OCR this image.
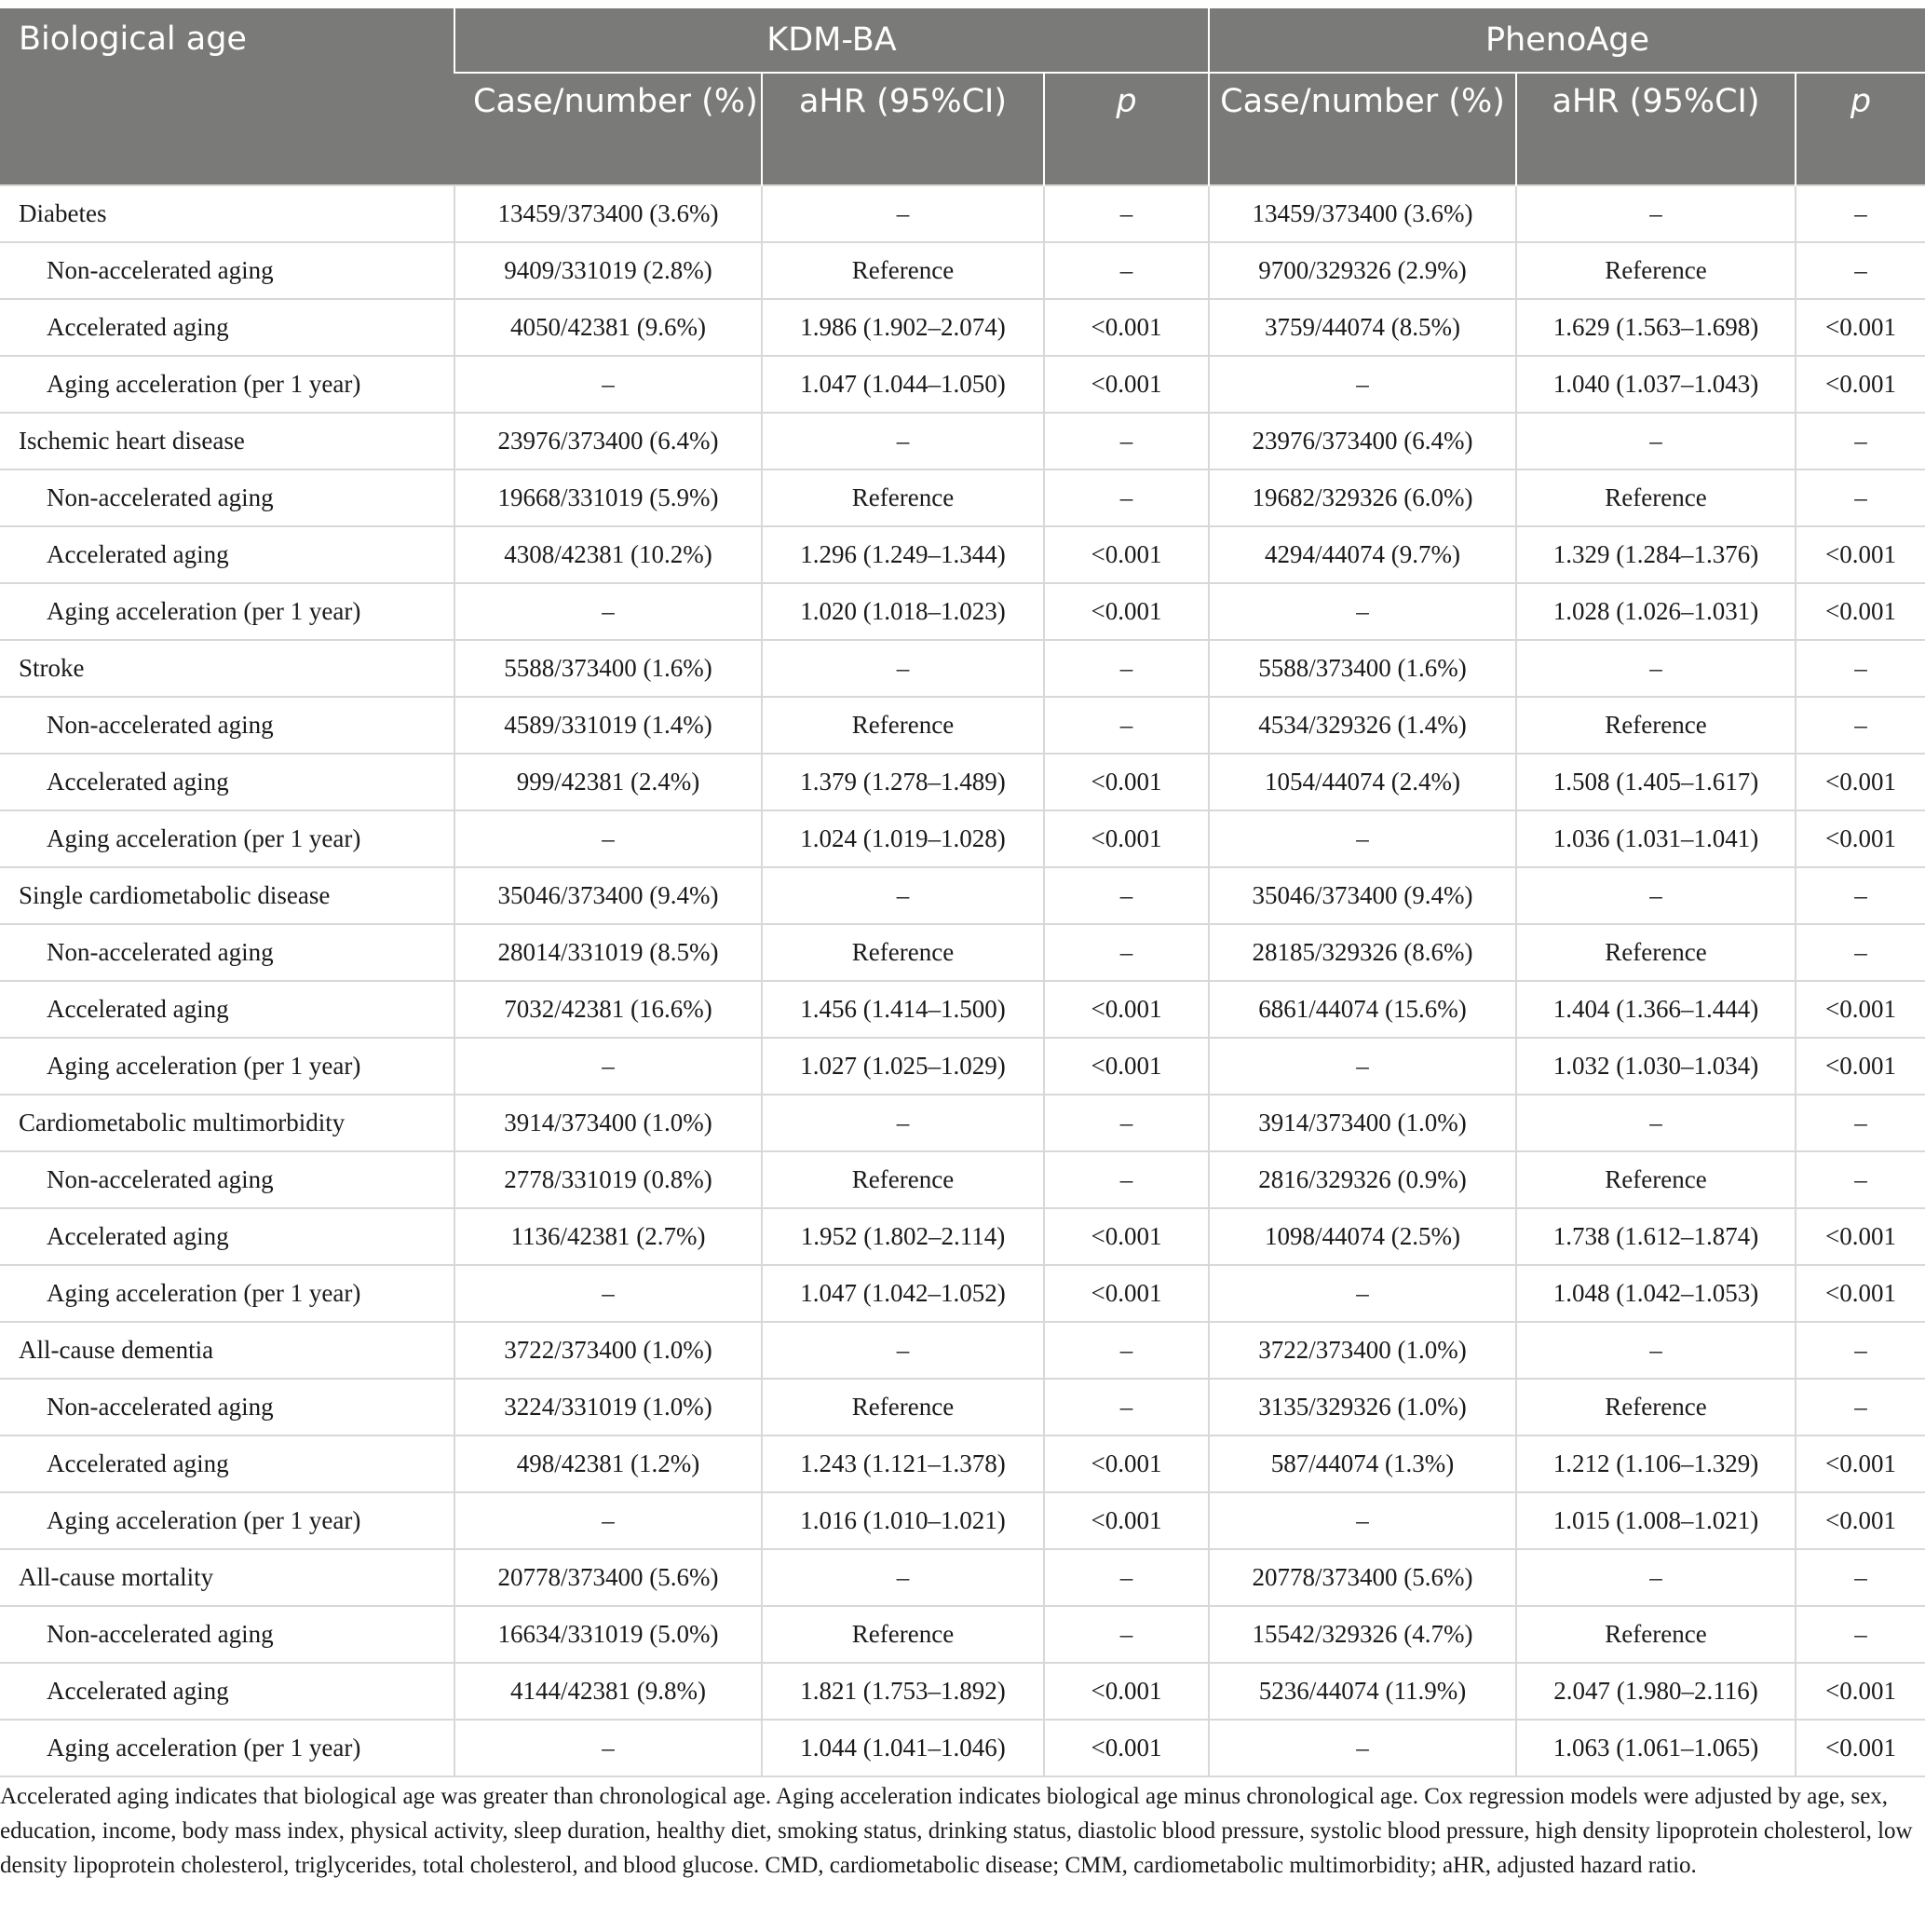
Biological age	KDM-BA			PhenoAge		
	Case/number (%)	aHR (95%CI)	p	Case/number (%)	aHR (95%CI)	p
Diabetes	13459/373400 (3.6%)	–	–	13459/373400 (3.6%)	–	–
Non-accelerated aging	9409/331019 (2.8%)	Reference	–	9700/329326 (2.9%)	Reference	–
Accelerated aging	4050/42381 (9.6%)	1.986 (1.902–2.074)	<0.001	3759/44074 (8.5%)	1.629 (1.563–1.698)	<0.001
Aging acceleration (per 1 year)	–	1.047 (1.044–1.050)	<0.001	–	1.040 (1.037–1.043)	<0.001
Ischemic heart disease	23976/373400 (6.4%)	–	–	23976/373400 (6.4%)	–	–
Non-accelerated aging	19668/331019 (5.9%)	Reference	–	19682/329326 (6.0%)	Reference	–
Accelerated aging	4308/42381 (10.2%)	1.296 (1.249–1.344)	<0.001	4294/44074 (9.7%)	1.329 (1.284–1.376)	<0.001
Aging acceleration (per 1 year)	–	1.020 (1.018–1.023)	<0.001	–	1.028 (1.026–1.031)	<0.001
Stroke	5588/373400 (1.6%)	–	–	5588/373400 (1.6%)	–	–
Non-accelerated aging	4589/331019 (1.4%)	Reference	–	4534/329326 (1.4%)	Reference	–
Accelerated aging	999/42381 (2.4%)	1.379 (1.278–1.489)	<0.001	1054/44074 (2.4%)	1.508 (1.405–1.617)	<0.001
Aging acceleration (per 1 year)	–	1.024 (1.019–1.028)	<0.001	–	1.036 (1.031–1.041)	<0.001
Single cardiometabolic disease	35046/373400 (9.4%)	–	–	35046/373400 (9.4%)	–	–
Non-accelerated aging	28014/331019 (8.5%)	Reference	–	28185/329326 (8.6%)	Reference	–
Accelerated aging	7032/42381 (16.6%)	1.456 (1.414–1.500)	<0.001	6861/44074 (15.6%)	1.404 (1.366–1.444)	<0.001
Aging acceleration (per 1 year)	–	1.027 (1.025–1.029)	<0.001	–	1.032 (1.030–1.034)	<0.001
Cardiometabolic multimorbidity	3914/373400 (1.0%)	–	–	3914/373400 (1.0%)	–	–
Non-accelerated aging	2778/331019 (0.8%)	Reference	–	2816/329326 (0.9%)	Reference	–
Accelerated aging	1136/42381 (2.7%)	1.952 (1.802–2.114)	<0.001	1098/44074 (2.5%)	1.738 (1.612–1.874)	<0.001
Aging acceleration (per 1 year)	–	1.047 (1.042–1.052)	<0.001	–	1.048 (1.042–1.053)	<0.001
All-cause dementia	3722/373400 (1.0%)	–	–	3722/373400 (1.0%)	–	–
Non-accelerated aging	3224/331019 (1.0%)	Reference	–	3135/329326 (1.0%)	Reference	–
Accelerated aging	498/42381 (1.2%)	1.243 (1.121–1.378)	<0.001	587/44074 (1.3%)	1.212 (1.106–1.329)	<0.001
Aging acceleration (per 1 year)	–	1.016 (1.010–1.021)	<0.001	–	1.015 (1.008–1.021)	<0.001
All-cause mortality	20778/373400 (5.6%)	–	–	20778/373400 (5.6%)	–	–
Non-accelerated aging	16634/331019 (5.0%)	Reference	–	15542/329326 (4.7%)	Reference	–
Accelerated aging	4144/42381 (9.8%)	1.821 (1.753–1.892)	<0.001	5236/44074 (11.9%)	2.047 (1.980–2.116)	<0.001
Aging acceleration (per 1 year)	–	1.044 (1.041–1.046)	<0.001	–	1.063 (1.061–1.065)	<0.001
Accelerated aging indicates that biological age was greater than chronological age. Aging acceleration indicates biological age minus chronological age. Cox regression models were adjusted by age, sex, education, income, body mass index, physical activity, sleep duration, healthy diet, smoking status, drinking status, diastolic blood pressure, systolic blood pressure, high density lipoprotein cholesterol, low density lipoprotein cholesterol, triglycerides, total cholesterol, and blood glucose. CMD, cardiometabolic disease; CMM, cardiometabolic multimorbidity; aHR, adjusted hazard ratio.
